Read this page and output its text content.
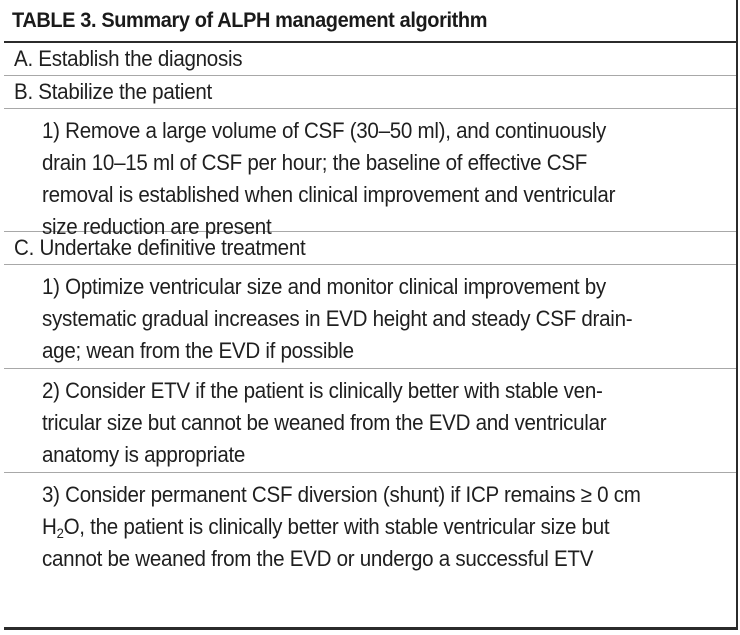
TABLE 3. Summary of ALPH management algorithm
A. Establish the diagnosis
B. Stabilize the patient
1) Remove a large volume of CSF (30–50 ml), and continuously
drain 10–15 ml of CSF per hour; the baseline of effective CSF
removal is established when clinical improvement and ventricular
size reduction are present
C. Undertake definitive treatment
1) Optimize ventricular size and monitor clinical improvement by
systematic gradual increases in EVD height and steady CSF drain-
age; wean from the EVD if possible
2) Consider ETV if the patient is clinically better with stable ven-
tricular size but cannot be weaned from the EVD and ventricular
anatomy is appropriate
3) Consider permanent CSF diversion (shunt) if ICP remains ≥ 0 cm
$H_2O$, the patient is clinically better with stable ventricular size but
cannot be weaned from the EVD or undergo a successful ETV
